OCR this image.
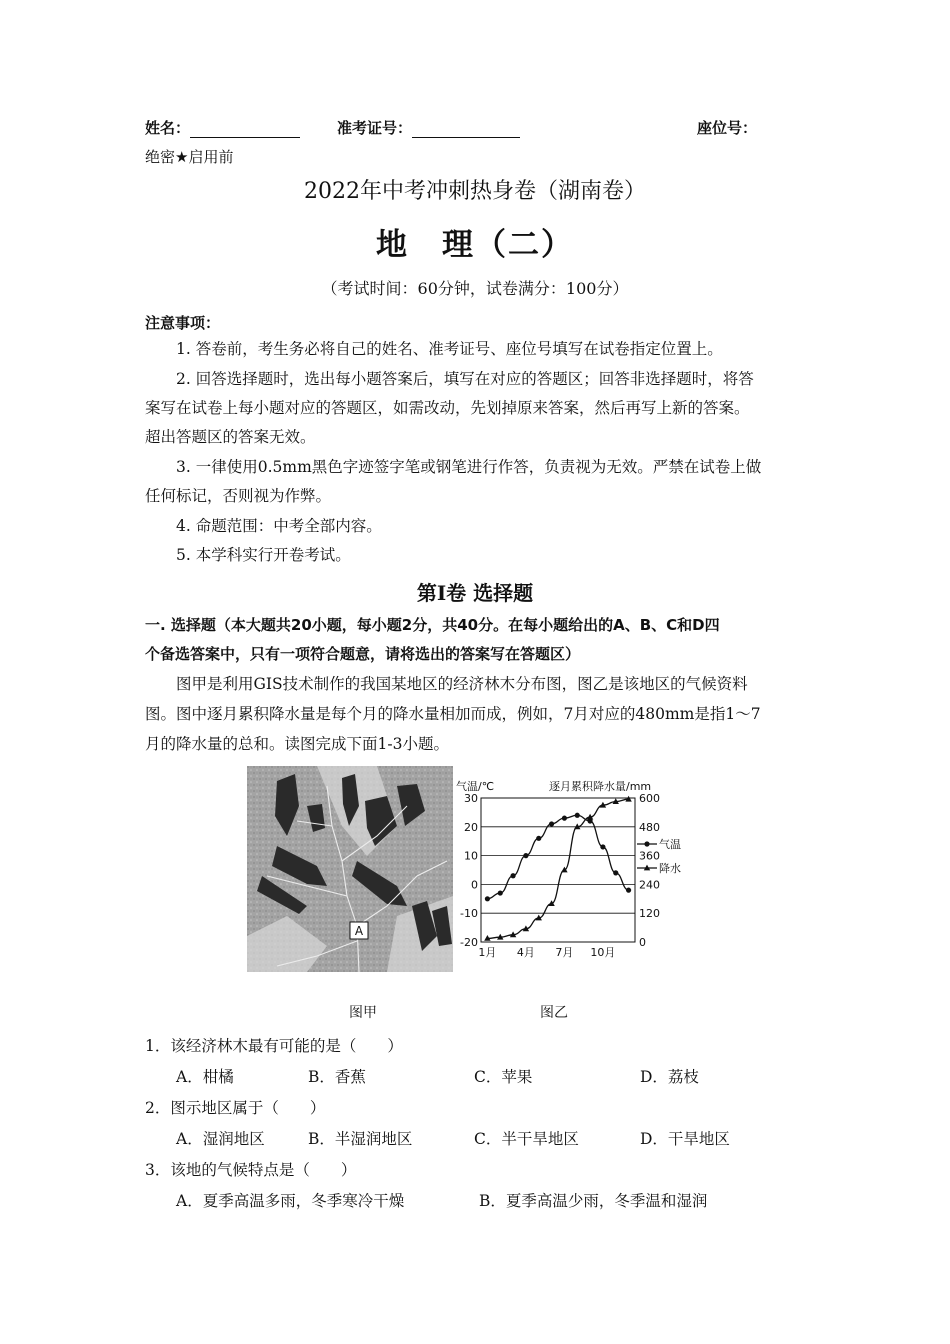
姓名：	准考证号：	座位号：
绝密★启用前
2022年中考冲刺热身卷（湖南卷）
地　理（二）
（考试时间：60分钟，试卷满分：100分）
注意事项：
1. 答卷前，考生务必将自己的姓名、准考证号、座位号填写在试卷指定位置上。
2. 回答选择题时，选出每小题答案后，填写在对应的答题区；回答非选择题时，将答
案写在试卷上每小题对应的答题区，如需改动，先划掉原来答案，然后再写上新的答案。
超出答题区的答案无效。
3. 一律使用0.5mm黑色字迹签字笔或钢笔进行作答，负责视为无效。严禁在试卷上做
任何标记，否则视为作弊。
4. 命题范围：中考全部内容。
5. 本学科实行开卷考试。
第Ⅰ卷 选择题
一. 选择题（本大题共20小题，每小题2分，共40分。在每小题给出的A、B、C和D四
个备选答案中，只有一项符合题意，请将选出的答案写在答题区）
图甲是利用GIS技术制作的我国某地区的经济林木分布图，图乙是该地区的气候资料
图。图中逐月累积降水量是每个月的降水量相加而成，例如，7月对应的480mm是指1～7
月的降水量的总和。读图完成下面1-3小题。
A
气温/℃	逐月累积降水量/mm
30
20
10
0
-10
-20
600
480
360
240
120
0
1月 4月 7月 10月
气温
降水
图甲	图乙
1．该经济林木最有可能的是（　　）
A．柑橘	B．香蕉	C．苹果	D．荔枝
2．图示地区属于（　　）
A．湿润地区	B．半湿润地区	C．半干旱地区	D．干旱地区
3．该地的气候特点是（　　）
A．夏季高温多雨，冬季寒冷干燥	B．夏季高温少雨，冬季温和湿润
